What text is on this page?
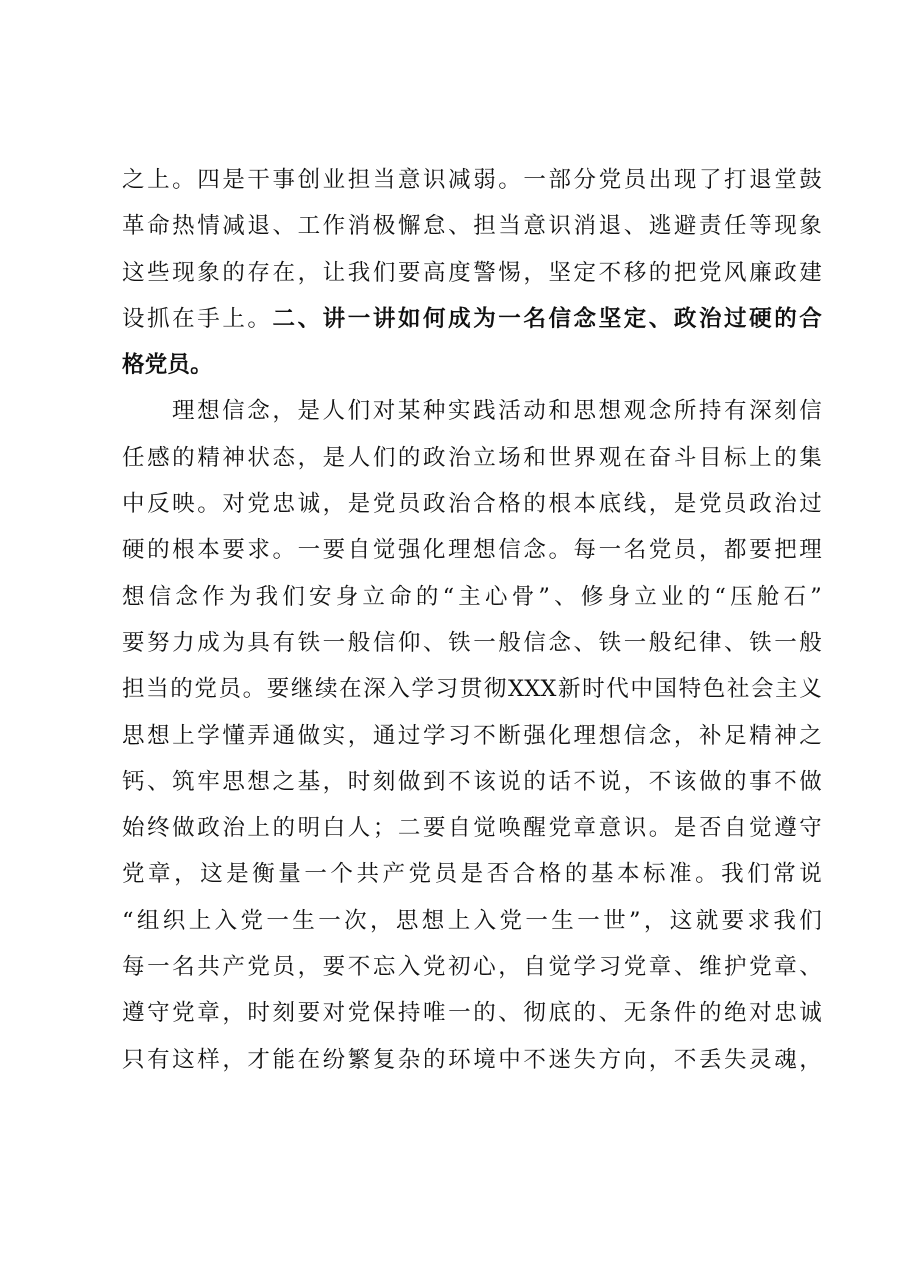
之上。四是干事创业担当意识减弱。一部分党员出现了打退堂鼓
革命热情减退、工作消极懈怠、担当意识消退、逃避责任等现象
这些现象的存在，让我们要高度警惕，坚定不移的把党风廉政建
设抓在手上。二、讲一讲如何成为一名信念坚定、政治过硬的合
格党员。
理想信念，是人们对某种实践活动和思想观念所持有深刻信
任感的精神状态，是人们的政治立场和世界观在奋斗目标上的集
中反映。对党忠诚，是党员政治合格的根本底线，是党员政治过
硬的根本要求。一要自觉强化理想信念。每一名党员，都要把理
想信念作为我们安身立命的“主心骨”、修身立业的“压舱石”
要努力成为具有铁一般信仰、铁一般信念、铁一般纪律、铁一般
担当的党员。要继续在深入学习贯彻XXX新时代中国特色社会主义
思想上学懂弄通做实，通过学习不断强化理想信念，补足精神之
钙、筑牢思想之基，时刻做到不该说的话不说，不该做的事不做
始终做政治上的明白人；二要自觉唤醒党章意识。是否自觉遵守
党章，这是衡量一个共产党员是否合格的基本标准。我们常说
“组织上入党一生一次，思想上入党一生一世”，这就要求我们
每一名共产党员，要不忘入党初心，自觉学习党章、维护党章、
遵守党章，时刻要对党保持唯一的、彻底的、无条件的绝对忠诚
只有这样，才能在纷繁复杂的环境中不迷失方向，不丢失灵魂，
